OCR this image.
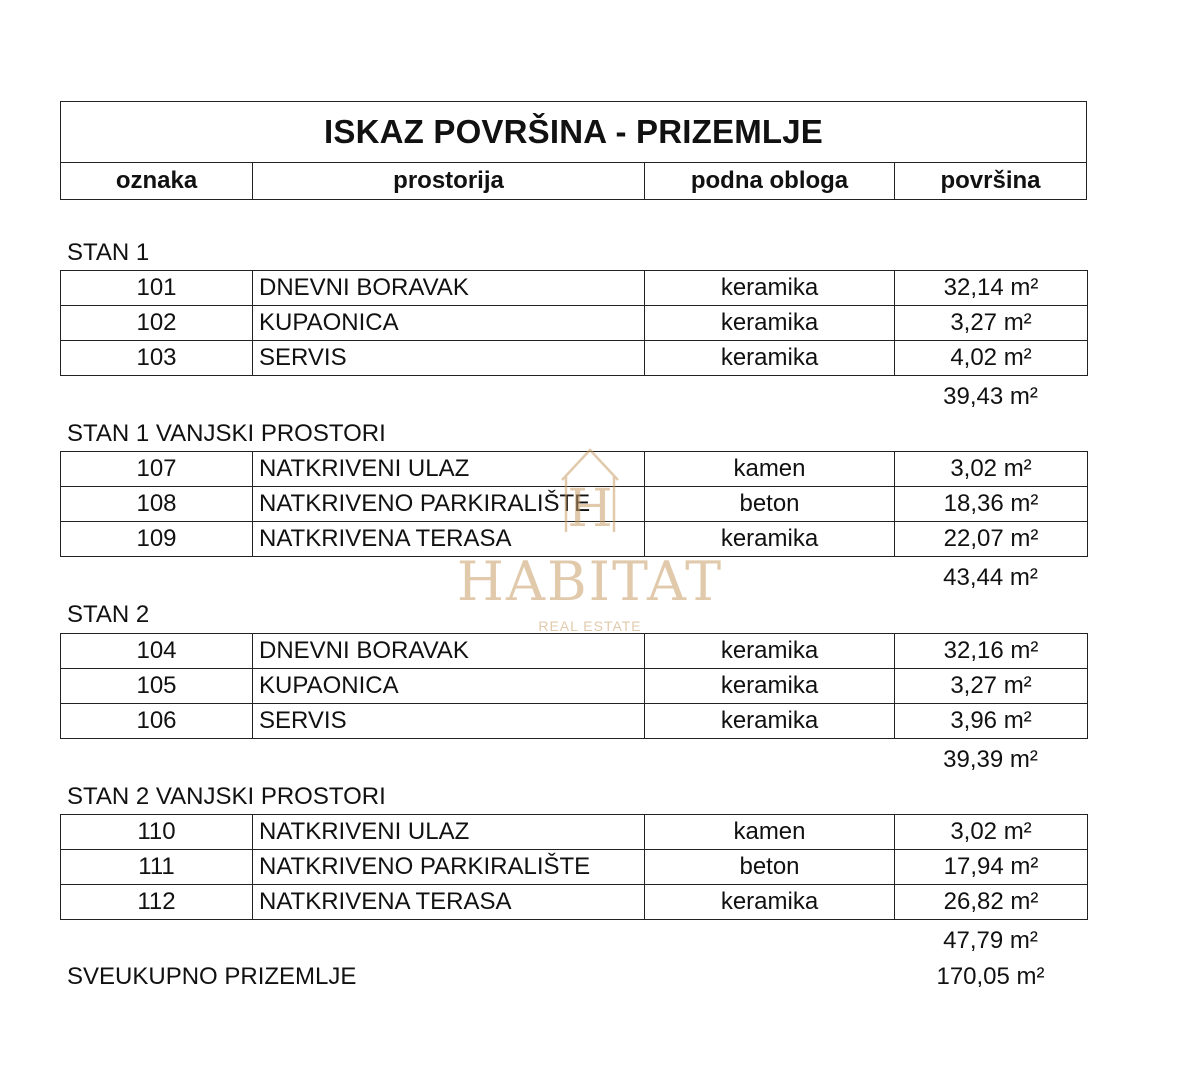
ISKAZ POVRŠINA - PRIZEMLJE
oznaka	prostorija	podna obloga	površina
STAN 1
101	DNEVNI BORAVAK	keramika	32,14 m²
102	KUPAONICA	keramika	3,27 m²
103	SERVIS	keramika	4,02 m²
39,43 m²
STAN 1 VANJSKI PROSTORI
107	NATKRIVENI ULAZ	kamen	3,02 m²
108	NATKRIVENO PARKIRALIŠTE	beton	18,36 m²
109	NATKRIVENA TERASA	keramika	22,07 m²
43,44 m²
STAN 2
104	DNEVNI BORAVAK	keramika	32,16 m²
105	KUPAONICA	keramika	3,27 m²
106	SERVIS	keramika	3,96 m²
39,39 m²
STAN 2 VANJSKI PROSTORI
110	NATKRIVENI ULAZ	kamen	3,02 m²
111	NATKRIVENO PARKIRALIŠTE	beton	17,94 m²
112	NATKRIVENA TERASA	keramika	26,82 m²
47,79 m²
SVEUKUPNO PRIZEMLJE	170,05 m²
H
HABITAT
REAL ESTATE
